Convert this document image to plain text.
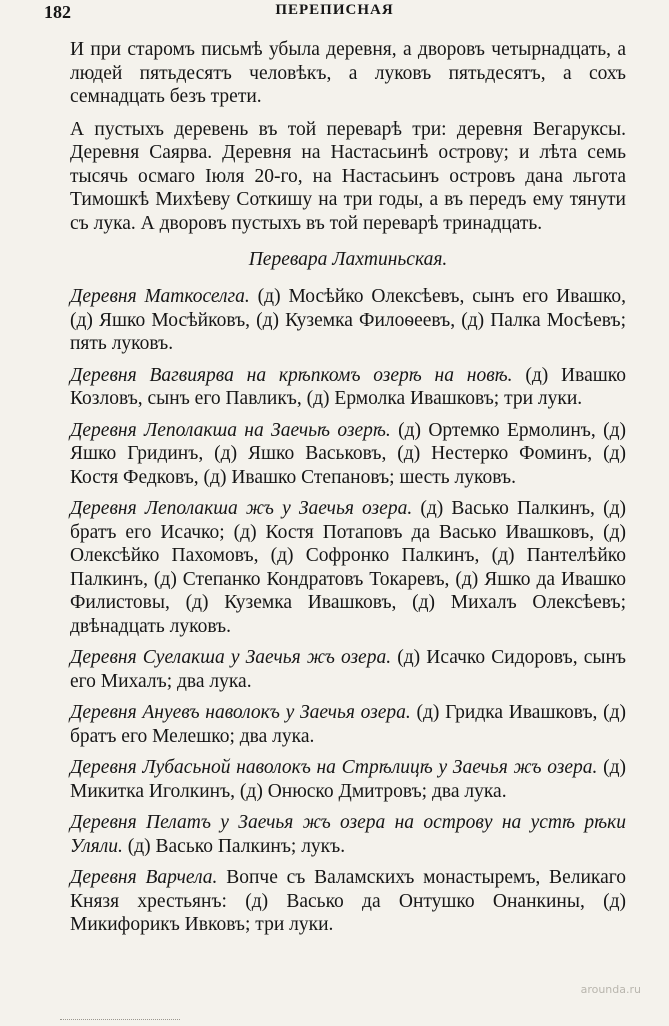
182	ПЕРЕПИСНАЯ

И при старомъ письмѣ убыла деревня, а дворовъ четырнадцать, а людей пятьдесятъ человѣкъ, а луковъ пятьдесятъ, а сохъ семнадцать безъ трети.

А пустыхъ деревень въ той переварѣ три: деревня Вегаруксы. Деревня Саярва. Деревня на Настасьинѣ острову; и лѣта семь тысячь осмаго Іюля 20-го, на Настасьинъ островъ дана льгота Тимошкѣ Михѣеву Соткишу на три годы, а въ передъ ему тянути съ лука. А дворовъ пустыхъ въ той переварѣ тринадцать.

Перевара Лахтиньская.

Деревня Маткоселга. (д) Мосѣйко Олексѣевъ, сынъ его Ивашко, (д) Яшко Мосѣйковъ, (д) Куземка Филоѳеевъ, (д) Палка Мосѣевъ; пять луковъ.

Деревня Вагвиярва на крѣпкомъ озерѣ на новѣ. (д) Ивашко Козловъ, сынъ его Павликъ, (д) Ермолка Ивашковъ; три луки.

Деревня Леполакша на Заечьѣ озерѣ. (д) Ортемко Ермолинъ, (д) Яшко Гридинъ, (д) Яшко Васьковъ, (д) Нестерко Фоминъ, (д) Костя Федковъ, (д) Ивашко Степановъ; шесть луковъ.

Деревня Леполакша жъ у Заечья озера. (д) Васько Палкинъ, (д) братъ его Исачко; (д) Костя Потаповъ да Васько Ивашковъ, (д) Олексѣйко Пахомовъ, (д) Софронко Палкинъ, (д) Пантелѣйко Палкинъ, (д) Степанко Кондратовъ Токаревъ, (д) Яшко да Ивашко Филистовы, (д) Куземка Ивашковъ, (д) Михалъ Олексѣевъ; двѣнадцать луковъ.

Деревня Суелакша у Заечья жъ озера. (д) Исачко Сидоровъ, сынъ его Михалъ; два лука.

Деревня Ануевъ наволокъ у Заечья озера. (д) Гридка Ивашковъ, (д) братъ его Мелешко; два лука.

Деревня Лубасьной наволокъ на Стрѣлицѣ у Заечья жъ озера. (д) Микитка Иголкинъ, (д) Онюско Дмитровъ; два лука.

Деревня Пелатъ у Заечья жъ озера на острову на устѣ рѣки Уляли. (д) Васько Палкинъ; лукъ.

Деревня Варчела. Вопче съ Валамскихъ монастыремъ, Великаго Князя хрестьянъ: (д) Васько да Онтушко Онанкины, (д) Микифорикъ Ивковъ; три луки.

arounda.ru
